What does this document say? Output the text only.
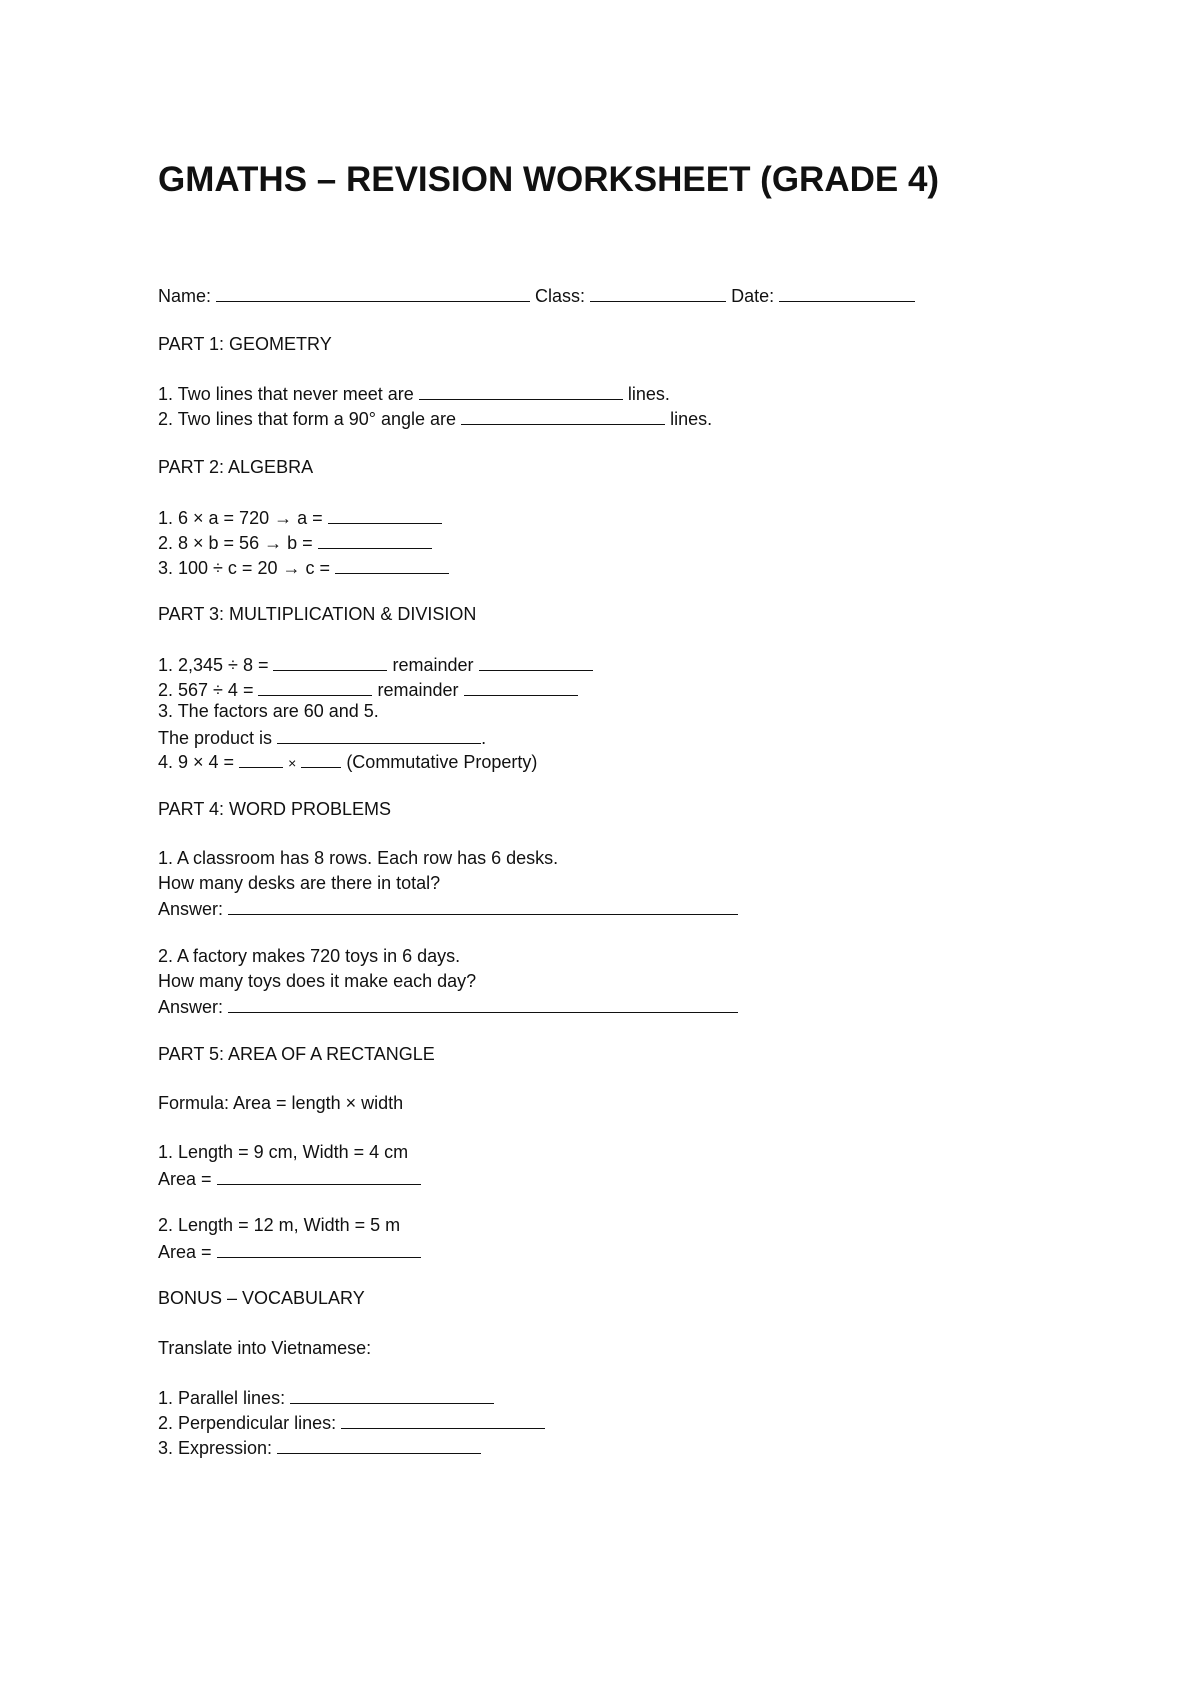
GMATHS – REVISION WORKSHEET (GRADE 4)
Name:	Class:	Date:
PART 1: GEOMETRY
1. Two lines that never meet are	lines.
2. Two lines that form a 90° angle are	lines.
PART 2: ALGEBRA
1. 6 × a = 720 → a =
2. 8 × b = 56 → b =
3. 100 ÷ c = 20 → c =
PART 3: MULTIPLICATION & DIVISION
1. 2,345 ÷ 8 =	remainder
2. 567 ÷ 4 =	remainder
3. The factors are 60 and 5.
The product is	.
4. 9 × 4 =	×	(Commutative Property)
PART 4: WORD PROBLEMS
1. A classroom has 8 rows. Each row has 6 desks.
How many desks are there in total?
Answer:
2. A factory makes 720 toys in 6 days.
How many toys does it make each day?
Answer:
PART 5: AREA OF A RECTANGLE
Formula: Area = length × width
1. Length = 9 cm, Width = 4 cm
Area =
2. Length = 12 m, Width = 5 m
Area =
BONUS – VOCABULARY
Translate into Vietnamese:
1. Parallel lines:
2. Perpendicular lines:
3. Expression:
